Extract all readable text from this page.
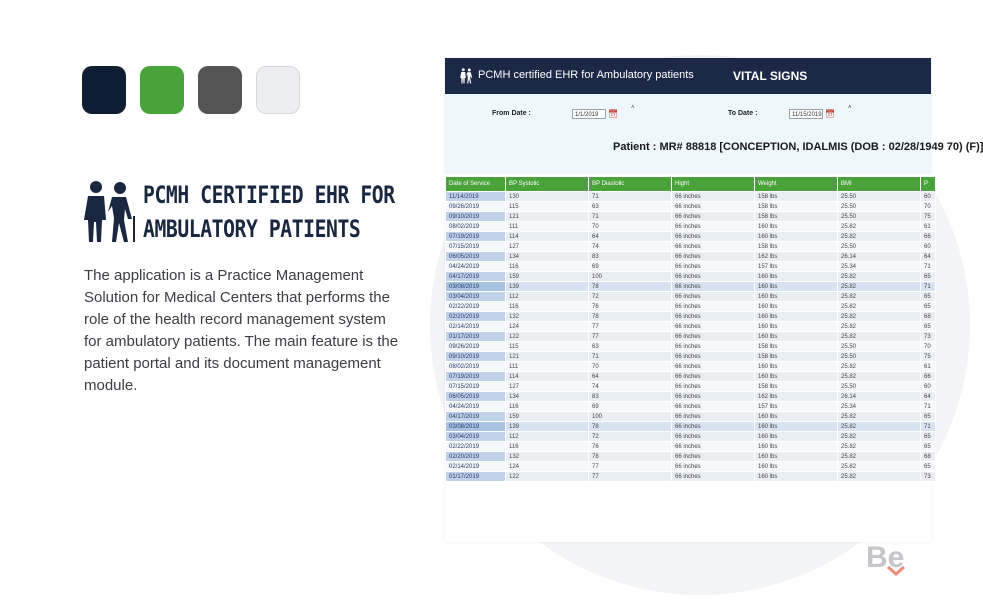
PCMH CERTIFIED EHR FOR
AMBULATORY PATIENTS
The application is a Practice Management Solution for Medical Centers that performs the role of the health record management system for ambulatory patients. The main feature is the patient portal and its document management module.
PCMH certified EHR for Ambulatory patients	VITAL SIGNS
From Date :	1/1/2019	📅︎
˄
To Date :	11/15/2019 📅︎
˄
Patient : MR# 88818 [CONCEPTION, IDALMIS (DOB : 02/28/1949 70) (F)]
Date of Service	BP Systolic	BP Diastolic	Hight	Weight	BMI	P
11/14/2019	130	71	66 inches	158 lbs	25.50	60
09/26/2019	115	63	66 inches	158 lbs	25.50	70
09/10/2019	121	71	66 inches	158 lbs	25.50	75
08/02/2019	111	70	66 inches	160 lbs	25.82	61
07/19/2019	114	64	66 inches	160 lbs	25.82	66
07/15/2019	127	74	66 inches	158 lbs	25.50	60
06/05/2019	134	83	66 inches	162 lbs	26.14	64
04/24/2019	116	69	66 inches	157 lbs	25.34	71
04/17/2019	159	100	66 inches	160 lbs	25.82	65
03/08/2019	139	78	66 inches	160 lbs	25.82	71
03/04/2019	112	72	66 inches	160 lbs	25.82	65
02/22/2019	116	76	66 inches	160 lbs	25.82	65
02/20/2019	132	78	66 inches	160 lbs	25.82	68
02/14/2019	124	77	66 inches	160 lbs	25.82	65
01/17/2019	122	77	66 inches	160 lbs	25.82	73
09/26/2019	115	63	66 inches	158 lbs	25.50	70
09/10/2019	121	71	66 inches	158 lbs	25.50	75
08/02/2019	111	70	66 inches	160 lbs	25.82	61
07/19/2019	114	64	66 inches	160 lbs	25.82	66
07/15/2019	127	74	66 inches	158 lbs	25.50	60
06/05/2019	134	83	66 inches	162 lbs	26.14	64
04/24/2019	116	69	66 inches	157 lbs	25.34	71
04/17/2019	159	100	66 inches	160 lbs	25.82	65
03/08/2019	139	78	66 inches	160 lbs	25.82	71
03/04/2019	112	72	66 inches	160 lbs	25.82	65
02/22/2019	116	76	66 inches	160 lbs	25.82	65
02/20/2019	132	78	66 inches	160 lbs	25.82	68
02/14/2019	124	77	66 inches	160 lbs	25.82	65
01/17/2019	122	77	66 inches	160 lbs	25.82	73
Be
